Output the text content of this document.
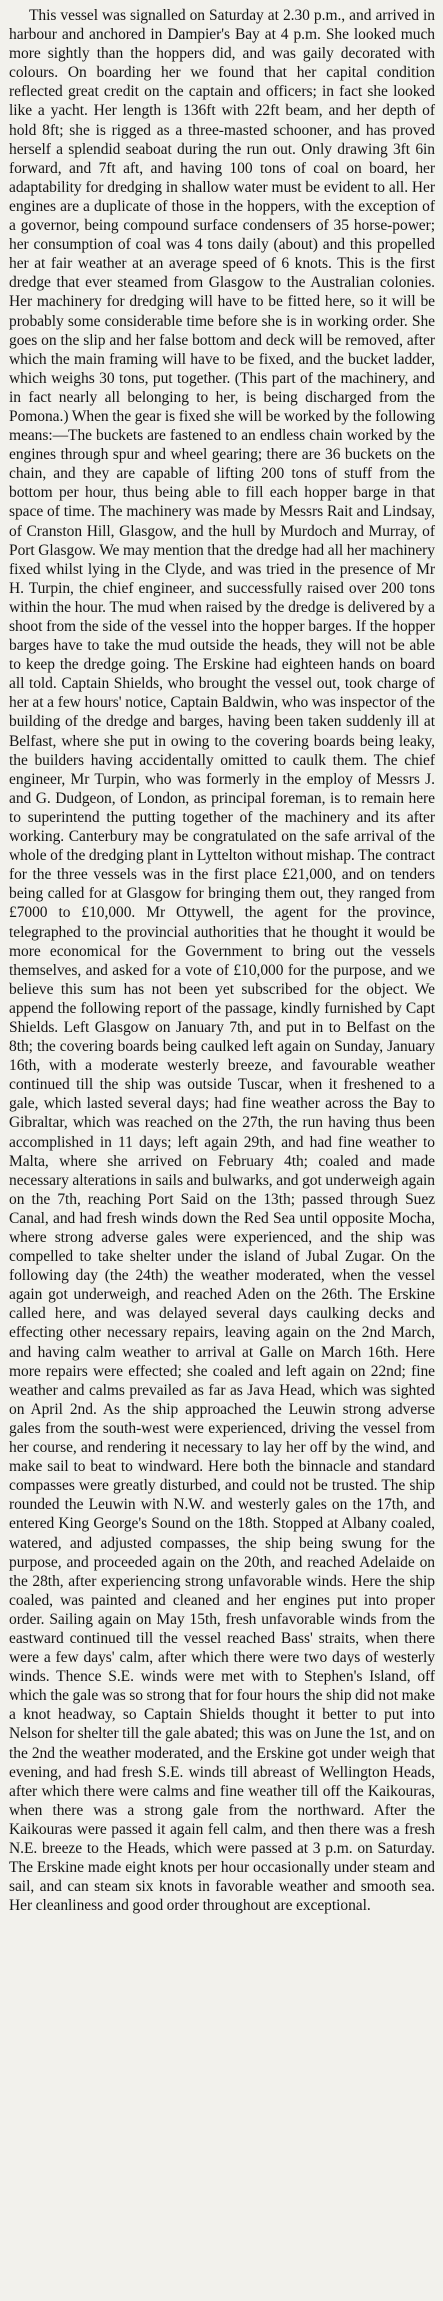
This vessel was signalled on Saturday at 2.30 p.m., and arrived in harbour and anchored in Dampier's Bay at 4 p.m. She looked much more sightly than the hoppers did, and was gaily decorated with colours. On boarding her we found that her capital condition reflected great credit on the captain and officers; in fact she looked like a yacht. Her length is 136ft with 22ft beam, and her depth of hold 8ft; she is rigged as a three-masted schooner, and has proved herself a splendid seaboat during the run out. Only drawing 3ft 6in forward, and 7ft aft, and having 100 tons of coal on board, her adaptability for dredging in shallow water must be evident to all. Her engines are a duplicate of those in the hoppers, with the exception of a governor, being compound surface condensers of 35 horse-power; her consumption of coal was 4 tons daily (about) and this propelled her at fair weather at an average speed of 6 knots. This is the first dredge that ever steamed from Glasgow to the Australian colonies. Her machinery for dredging will have to be fitted here, so it will be probably some considerable time before she is in working order. She goes on the slip and her false bottom and deck will be removed, after which the main framing will have to be fixed, and the bucket ladder, which weighs 30 tons, put together. (This part of the machinery, and in fact nearly all belonging to her, is being discharged from the Pomona.) When the gear is fixed she will be worked by the following means:—The buckets are fastened to an endless chain worked by the engines through spur and wheel gearing; there are 36 buckets on the chain, and they are capable of lifting 200 tons of stuff from the bottom per hour, thus being able to fill each hopper barge in that space of time. The machinery was made by Messrs Rait and Lindsay, of Cranston Hill, Glasgow, and the hull by Murdoch and Murray, of Port Glasgow. We may mention that the dredge had all her machinery fixed whilst lying in the Clyde, and was tried in the presence of Mr H. Turpin, the chief engineer, and successfully raised over 200 tons within the hour. The mud when raised by the dredge is delivered by a shoot from the side of the vessel into the hopper barges. If the hopper barges have to take the mud outside the heads, they will not be able to keep the dredge going. The Erskine had eighteen hands on board all told. Captain Shields, who brought the vessel out, took charge of her at a few hours' notice, Captain Baldwin, who was inspector of the building of the dredge and barges, having been taken suddenly ill at Belfast, where she put in owing to the covering boards being leaky, the builders having accidentally omitted to caulk them. The chief engineer, Mr Turpin, who was formerly in the employ of Messrs J. and G. Dudgeon, of London, as principal foreman, is to remain here to superintend the putting together of the machinery and its after working. Canterbury may be congratulated on the safe arrival of the whole of the dredging plant in Lyttelton without mishap. The contract for the three vessels was in the first place £21,000, and on tenders being called for at Glasgow for bringing them out, they ranged from £7000 to £10,000. Mr Ottywell, the agent for the province, telegraphed to the provincial authorities that he thought it would be more economical for the Government to bring out the vessels themselves, and asked for a vote of £10,000 for the purpose, and we believe this sum has not been yet subscribed for the object. We append the following report of the passage, kindly furnished by Capt Shields. Left Glasgow on January 7th, and put in to Belfast on the 8th; the covering boards being caulked left again on Sunday, January 16th, with a moderate westerly breeze, and favourable weather continued till the ship was outside Tuscar, when it freshened to a gale, which lasted several days; had fine weather across the Bay to Gibraltar, which was reached on the 27th, the run having thus been accomplished in 11 days; left again 29th, and had fine weather to Malta, where she arrived on February 4th; coaled and made necessary alterations in sails and bulwarks, and got underweigh again on the 7th, reaching Port Said on the 13th; passed through Suez Canal, and had fresh winds down the Red Sea until opposite Mocha, where strong adverse gales were experienced, and the ship was compelled to take shelter under the island of Jubal Zugar. On the following day (the 24th) the weather moderated, when the vessel again got underweigh, and reached Aden on the 26th. The Erskine called here, and was delayed several days caulking decks and effecting other necessary repairs, leaving again on the 2nd March, and having calm weather to arrival at Galle on March 16th. Here more repairs were effected; she coaled and left again on 22nd; fine weather and calms prevailed as far as Java Head, which was sighted on April 2nd. As the ship approached the Leuwin strong adverse gales from the south-west were experienced, driving the vessel from her course, and rendering it necessary to lay her off by the wind, and make sail to beat to windward. Here both the binnacle and standard compasses were greatly disturbed, and could not be trusted. The ship rounded the Leuwin with N.W. and westerly gales on the 17th, and entered King George's Sound on the 18th. Stopped at Albany coaled, watered, and adjusted compasses, the ship being swung for the purpose, and proceeded again on the 20th, and reached Adelaide on the 28th, after experiencing strong unfavorable winds. Here the ship coaled, was painted and cleaned and her engines put into proper order. Sailing again on May 15th, fresh unfavorable winds from the eastward continued till the vessel reached Bass' straits, when there were a few days' calm, after which there were two days of westerly winds. Thence S.E. winds were met with to Stephen's Island, off which the gale was so strong that for four hours the ship did not make a knot headway, so Captain Shields thought it better to put into Nelson for shelter till the gale abated; this was on June the 1st, and on the 2nd the weather moderated, and the Erskine got under weigh that evening, and had fresh S.E. winds till abreast of Wellington Heads, after which there were calms and fine weather till off the Kaikouras, when there was a strong gale from the northward. After the Kaikouras were passed it again fell calm, and then there was a fresh N.E. breeze to the Heads, which were passed at 3 p.m. on Saturday. The Erskine made eight knots per hour occasionally under steam and sail, and can steam six knots in favorable weather and smooth sea. Her cleanliness and good order throughout are exceptional.
